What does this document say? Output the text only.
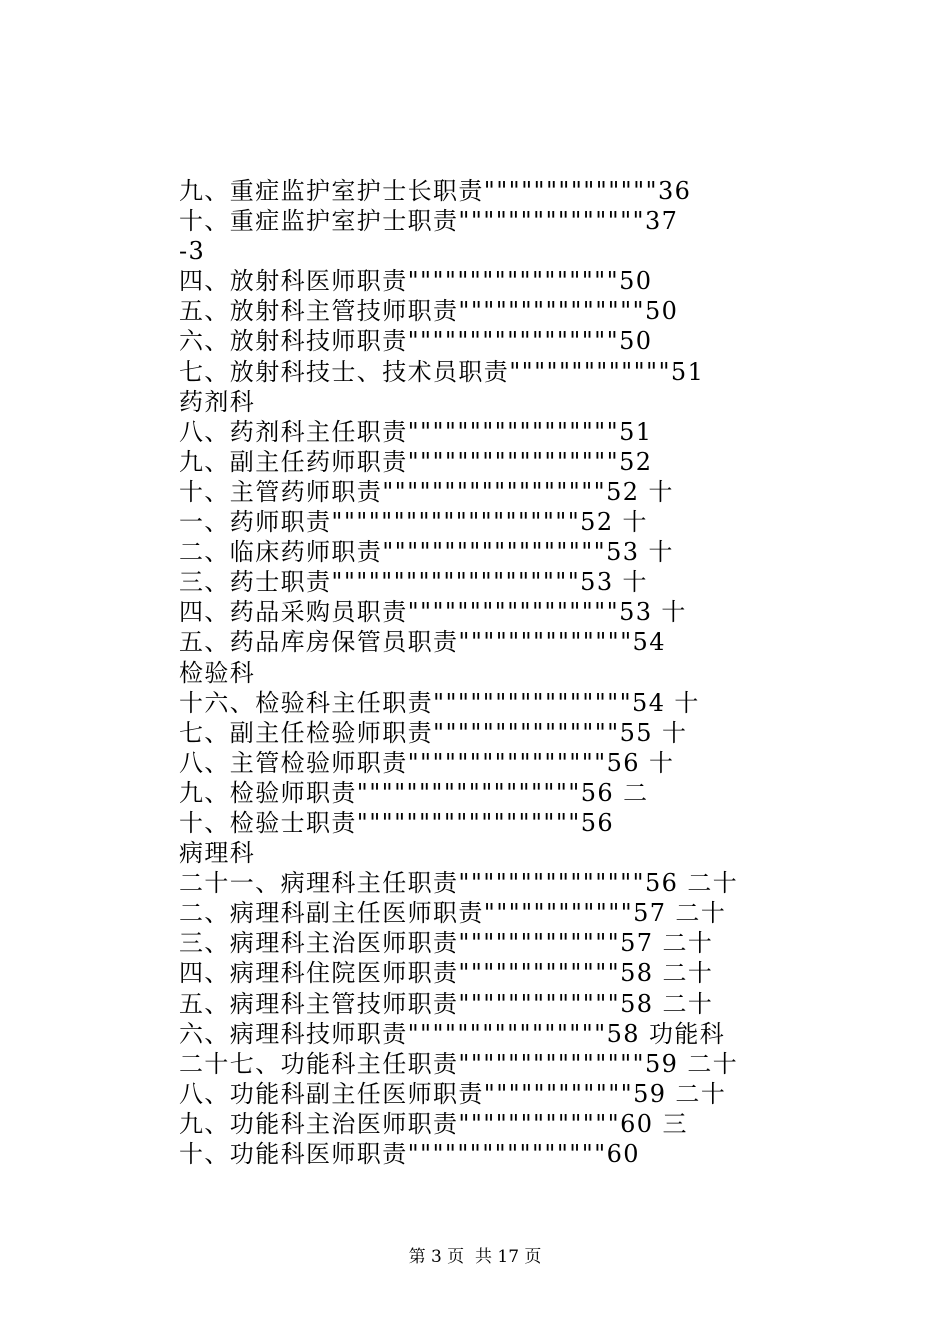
九、重症监护室护士长职责""""""""""""""36
十、重症监护室护士职责"""""""""""""""37
-3
四、放射科医师职责"""""""""""""""""50
五、放射科主管技师职责"""""""""""""""50
六、放射科技师职责"""""""""""""""""50
七、放射科技士、技术员职责"""""""""""""51
药剂科
八、药剂科主任职责"""""""""""""""""51
九、副主任药师职责"""""""""""""""""52
十、主管药师职责""""""""""""""""""52 十
一、药师职责""""""""""""""""""""52 十
二、临床药师职责""""""""""""""""""53 十
三、药士职责""""""""""""""""""""53 十
四、药品采购员职责"""""""""""""""""53 十
五、药品库房保管员职责""""""""""""""54
检验科
十六、检验科主任职责""""""""""""""""54 十
七、副主任检验师职责"""""""""""""""55 十
八、主管检验师职责""""""""""""""""56 十
九、检验师职责""""""""""""""""""56 二
十、检验士职责""""""""""""""""""56
病理科
二十一、病理科主任职责"""""""""""""""56 二十
二、病理科副主任医师职责""""""""""""57 二十
三、病理科主治医师职责"""""""""""""57 二十
四、病理科住院医师职责"""""""""""""58 二十
五、病理科主管技师职责"""""""""""""58 二十
六、病理科技师职责""""""""""""""""58 功能科
二十七、功能科主任职责"""""""""""""""59 二十
八、功能科副主任医师职责""""""""""""59 二十
九、功能科主治医师职责"""""""""""""60 三
十、功能科医师职责""""""""""""""""60
第 3 页  共 17 页
